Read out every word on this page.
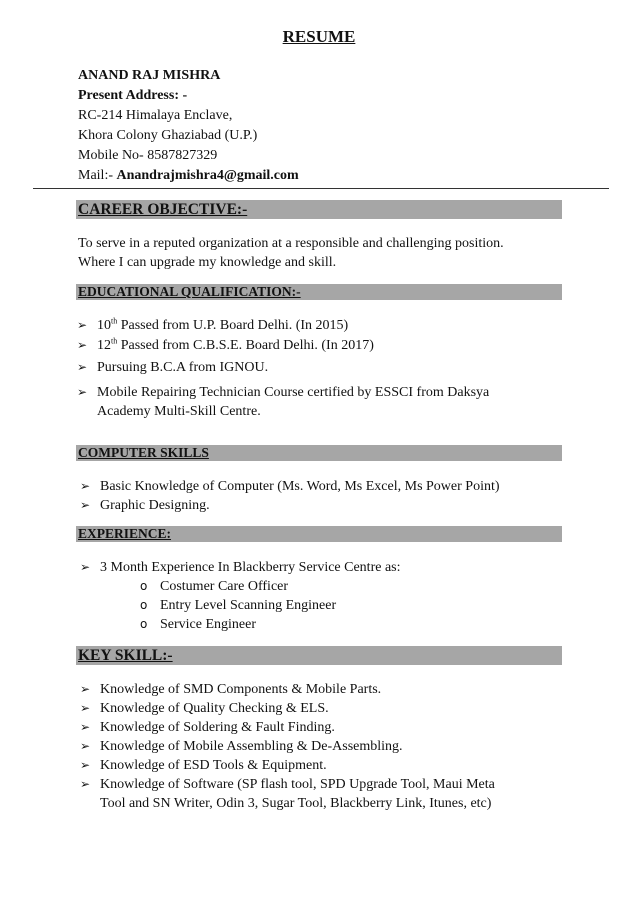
RESUME
ANAND RAJ MISHRA
Present Address: -
RC-214 Himalaya Enclave,
Khora Colony Ghaziabad (U.P.)
Mobile No- 8587827329
Mail:- Anandrajmishra4@gmail.com
CAREER OBJECTIVE:-
To serve in a reputed organization at a responsible and challenging position.
Where I can upgrade my knowledge and skill.
EDUCATIONAL QUALIFICATION:-
➢ 10th Passed from U.P. Board Delhi. (In 2015)
➢ 12th Passed from C.B.S.E. Board Delhi. (In 2017)
➢ Pursuing B.C.A from IGNOU.
➢ Mobile Repairing Technician Course certified by ESSCI from Daksya
Academy Multi-Skill Centre.
COMPUTER SKILLS
➢ Basic Knowledge of Computer (Ms. Word, Ms Excel, Ms Power Point)
➢ Graphic Designing.
EXPERIENCE:
➢ 3 Month Experience In Blackberry Service Centre as:
o Costumer Care Officer
o Entry Level Scanning Engineer
o Service Engineer
KEY SKILL:-
➢ Knowledge of SMD Components & Mobile Parts.
➢ Knowledge of Quality Checking & ELS.
➢ Knowledge of Soldering & Fault Finding.
➢ Knowledge of Mobile Assembling & De-Assembling.
➢ Knowledge of ESD Tools & Equipment.
➢ Knowledge of Software (SP flash tool, SPD Upgrade Tool, Maui Meta
Tool and SN Writer, Odin 3, Sugar Tool, Blackberry Link, Itunes, etc)
